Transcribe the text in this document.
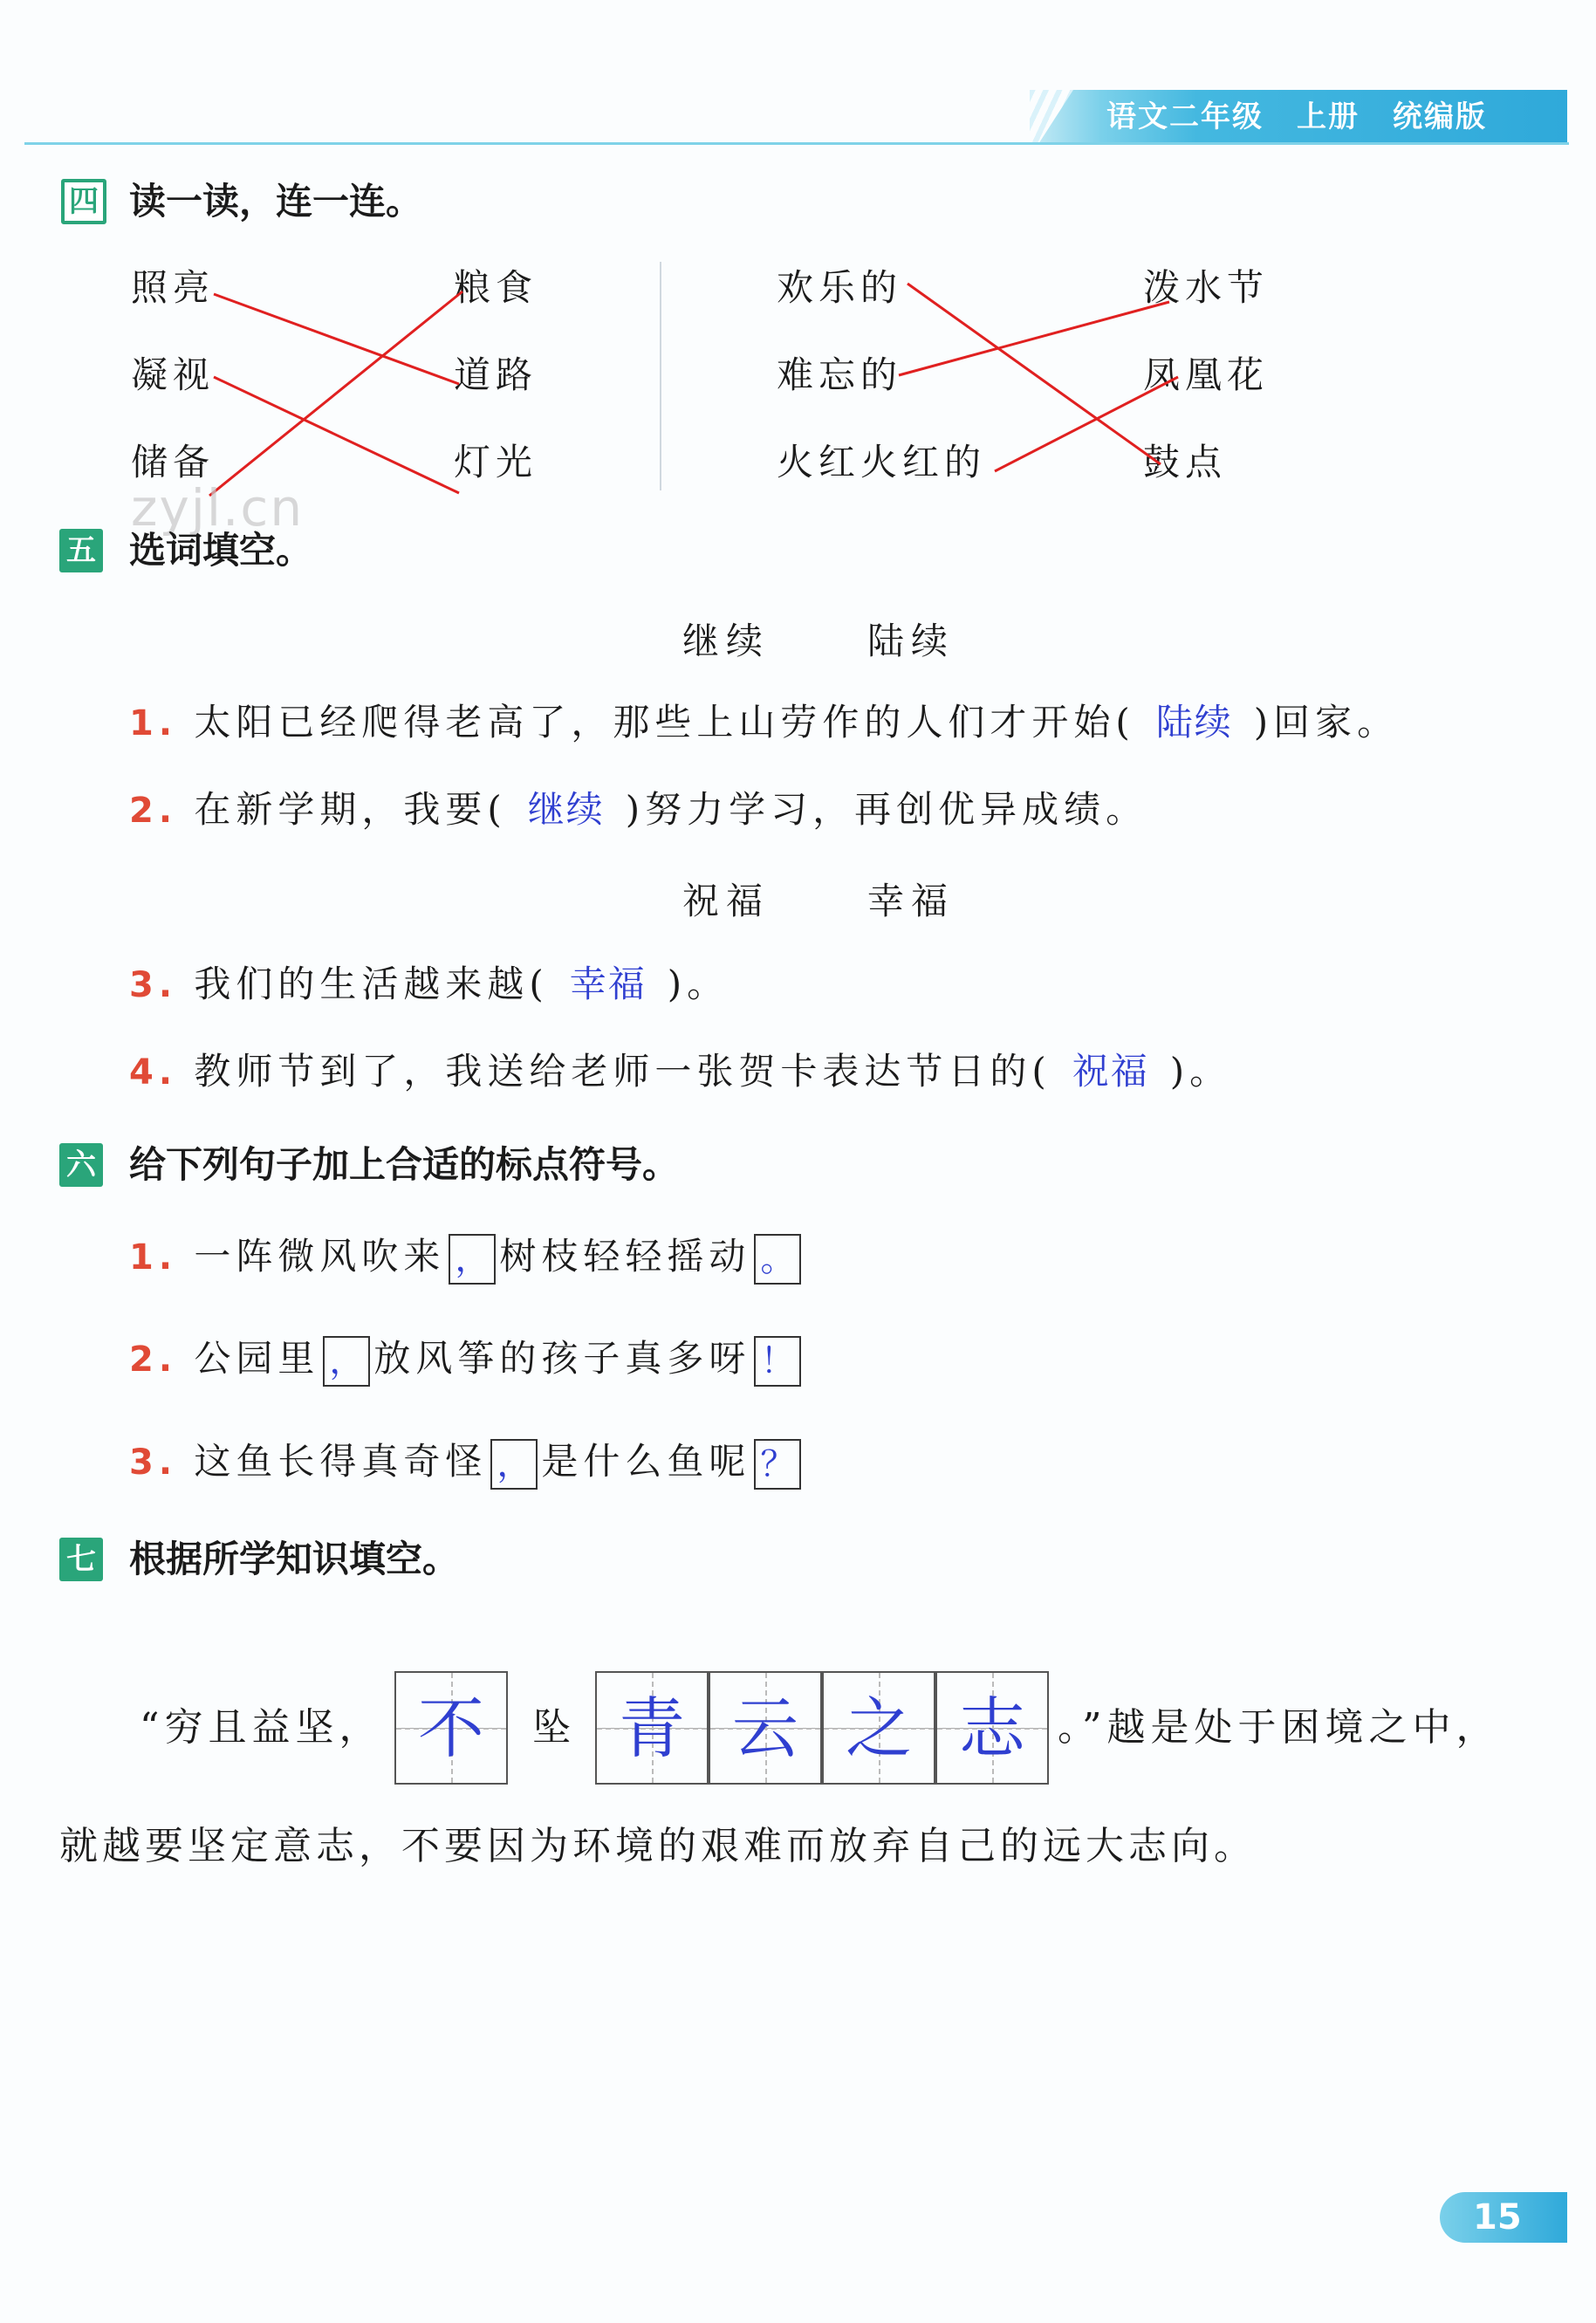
语文二年级 上册 统编版
四 读一读，连一连。
照亮
凝视
储备
粮食
道路
灯光
欢乐的
难忘的
火红火红的
泼水节
凤凰花
鼓点
zyjl.cn
五 选词填空。
继续	陆续
1. 太阳已经爬得老高了，那些上山劳作的人们才开始( 陆续 )回家。
2. 在新学期，我要( 继续 )努力学习，再创优异成绩。
祝福	幸福
3. 我们的生活越来越( 幸福 )。
4. 教师节到了，我送给老师一张贺卡表达节日的( 祝福 )。
六 给下列句子加上合适的标点符号。
1. 一阵微风吹来 ， 树枝轻轻摇动 。
2. 公园里 ， 放风筝的孩子真多呀 ！
3. 这鱼长得真奇怪 ， 是什么鱼呢 ？
七 根据所学知识填空。
“穷且益坚， 不	坠 青 云 之 志 。”越是处于困境之中，
就越要坚定意志，不要因为环境的艰难而放弃自己的远大志向。
15
